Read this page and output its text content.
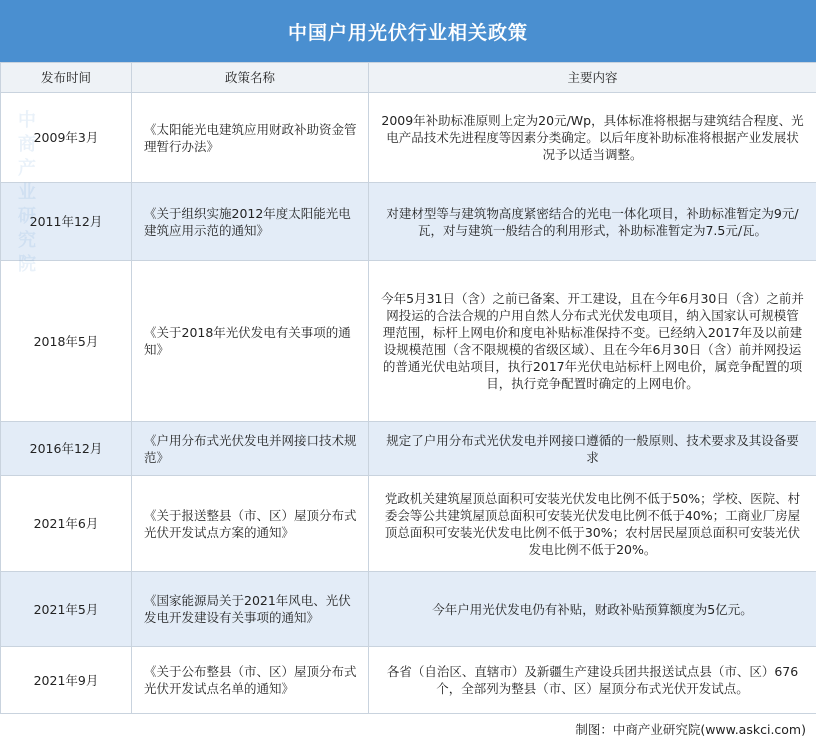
中国户用光伏行业相关政策
发布时间	政策名称	主要内容
2009年3月	《太阳能光电建筑应用财政补助资金管理暂行办法》	2009年补助标准原则上定为20元/Wp，具体标准将根据与建筑结合程度、光电产品技术先进程度等因素分类确定。以后年度补助标准将根据产业发展状况予以适当调整。
2011年12月	《关于组织实施2012年度太阳能光电建筑应用示范的通知》	对建材型等与建筑物高度紧密结合的光电一体化项目，补助标准暂定为9元/瓦，对与建筑一般结合的利用形式，补助标准暂定为7.5元/瓦。
2018年5月	《关于2018年光伏发电有关事项的通知》	今年5月31日（含）之前已备案、开工建设，且在今年6月30日（含）之前并网投运的合法合规的户用自然人分布式光伏发电项目，纳入国家认可规模管理范围，标杆上网电价和度电补贴标准保持不变。已经纳入2017年及以前建设规模范围（含不限规模的省级区域）、且在今年6月30日（含）前并网投运的普通光伏电站项目，执行2017年光伏电站标杆上网电价，属竞争配置的项目，执行竞争配置时确定的上网电价。
2016年12月	《户用分布式光伏发电并网接口技术规范》	规定了户用分布式光伏发电并网接口遵循的一般原则、技术要求及其设备要求
2021年6月	《关于报送整县（市、区）屋顶分布式光伏开发试点方案的通知》	党政机关建筑屋顶总面积可安装光伏发电比例不低于50%；学校、医院、村委会等公共建筑屋顶总面积可安装光伏发电比例不低于40%；工商业厂房屋顶总面积可安装光伏发电比例不低于30%；农村居民屋顶总面积可安装光伏发电比例不低于20%。
2021年5月	《国家能源局关于2021年风电、光伏发电开发建设有关事项的通知》	今年户用光伏发电仍有补贴，财政补贴预算额度为5亿元。
2021年9月	《关于公布整县（市、区）屋顶分布式光伏开发试点名单的通知》	各省（自治区、直辖市）及新疆生产建设兵团共报送试点县（市、区）676个，全部列为整县（市、区）屋顶分布式光伏开发试点。
制图：中商产业研究院(www.askci.com)
